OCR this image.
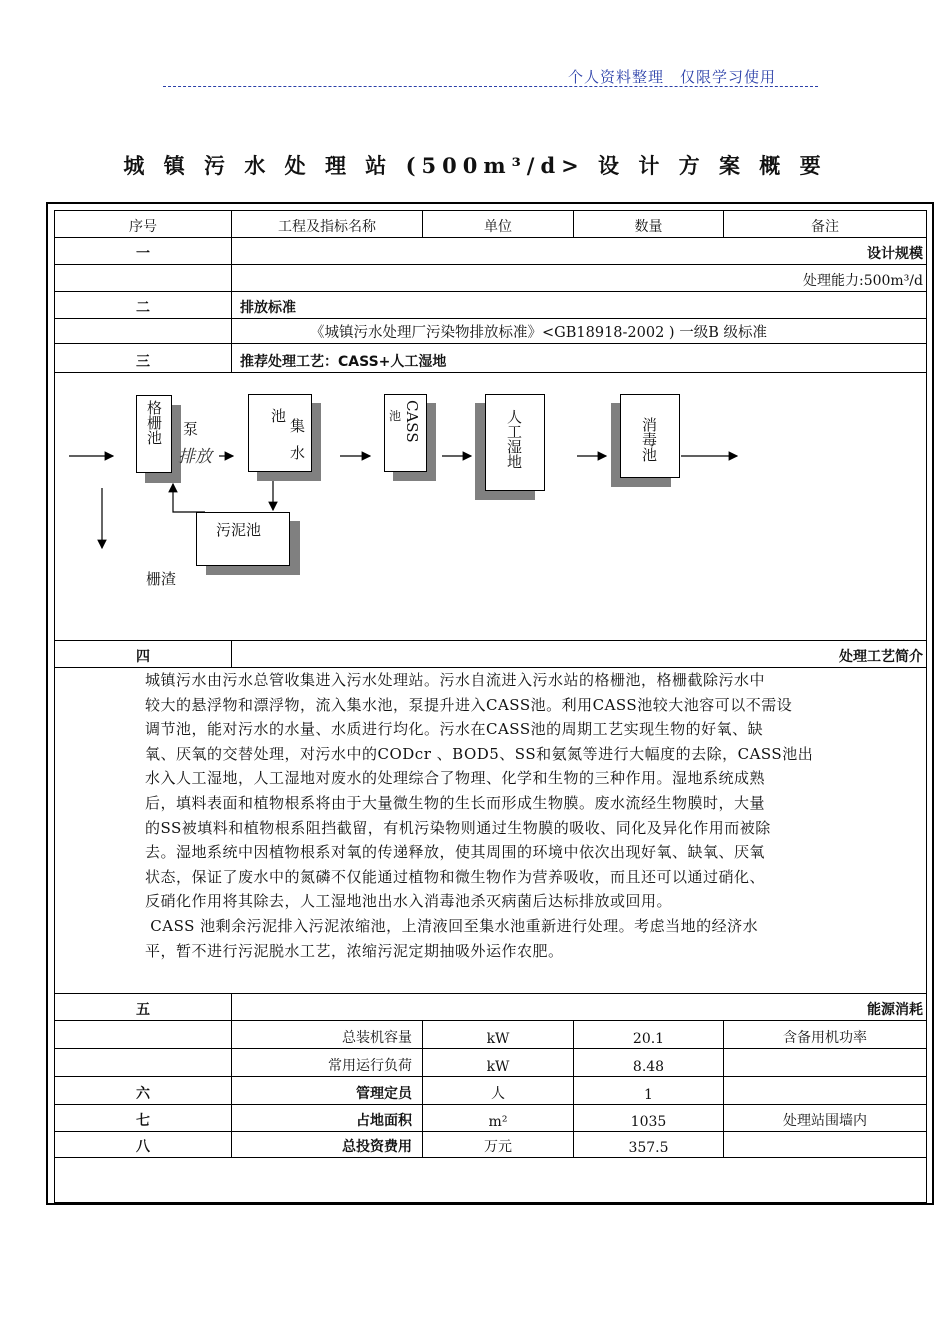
个人资料整理　仅限学习使用
城 镇 污 水 处 理 站 (500m³/d> 设 计 方 案 概 要
序号	工程及指标名称	单位	数量	备注
一	设计规模
处理能力:500m³/d
二	排放标准
《城镇污水处理厂污染物排放标准》<GB18918-2002 ) 一级B 级标准
三	推荐处理工艺：CASS+人工湿地
格栅池 泵
排放
池
集
水
CASS
池	人工湿地	消毒池
污泥池
栅渣
四	处理工艺简介
五	能源消耗
总装机容量	kW	20.1	含备用机功率
常用运行负荷	kW	8.48
六	管理定员	人	1
七	占地面积	m²	1035	处理站围墙内
八	总投资费用	万元	357.5
城镇污水由污水总管收集进入污水处理站。污水自流进入污水站的格栅池，格栅截除污水中
较大的悬浮物和漂浮物，流入集水池，泵提升进入CASS池。利用CASS池较大池容可以不需设
调节池，能对污水的水量、水质进行均化。污水在CASS池的周期工艺实现生物的好氧、缺
氧、厌氧的交替处理，对污水中的CODcr 、BOD5、SS和氨氮等进行大幅度的去除，CASS池出
水入人工湿地，人工湿地对废水的处理综合了物理、化学和生物的三种作用。湿地系统成熟
后，填料表面和植物根系将由于大量微生物的生长而形成生物膜。废水流经生物膜时，大量
的SS被填料和植物根系阻挡截留，有机污染物则通过生物膜的吸收、同化及异化作用而被除
去。湿地系统中因植物根系对氧的传递释放，使其周围的环境中依次出现好氧、缺氧、厌氧
状态，保证了废水中的氮磷不仅能通过植物和微生物作为营养吸收，而且还可以通过硝化、
反硝化作用将其除去，人工湿地池出水入消毒池杀灭病菌后达标排放或回用。
CASS 池剩余污泥排入污泥浓缩池，上清液回至集水池重新进行处理。考虑当地的经济水
平，暂不进行污泥脱水工艺，浓缩污泥定期抽吸外运作农肥。
